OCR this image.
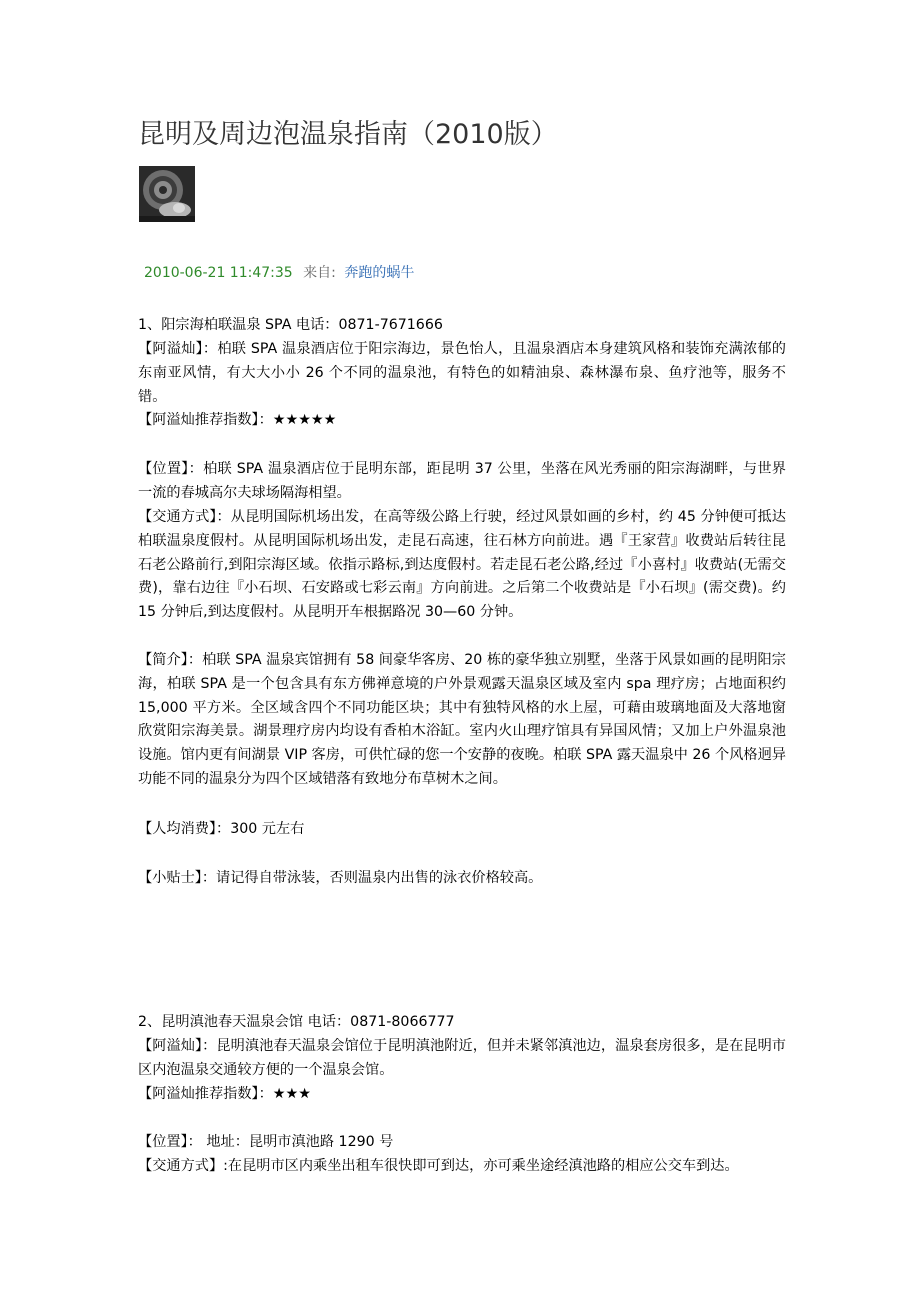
昆明及周边泡温泉指南（2010版）
2010-06-21 11:47:35 来自: 奔跑的蜗牛
1、阳宗海柏联温泉 SPA 电话：0871-7671666
【阿溢灿】：柏联 SPA 温泉酒店位于阳宗海边，景色怡人，且温泉酒店本身建筑风格和装饰充满浓郁的东南亚风情，有大大小小 26 个不同的温泉池，有特色的如精油泉、森林瀑布泉、鱼疗池等，服务不错。
【阿溢灿推荐指数】：★★★★★
【位置】：柏联 SPA 温泉酒店位于昆明东部，距昆明 37 公里，坐落在风光秀丽的阳宗海湖畔，与世界一流的春城高尔夫球场隔海相望。
【交通方式】：从昆明国际机场出发，在高等级公路上行驶，经过风景如画的乡村，约 45 分钟便可抵达柏联温泉度假村。从昆明国际机场出发，走昆石高速，往石林方向前进。遇『王家营』收费站后转往昆石老公路前行,到阳宗海区域。依指示路标,到达度假村。若走昆石老公路,经过『小喜村』收费站(无需交费)，靠右边往『小石坝、石安路或七彩云南』方向前进。之后第二个收费站是『小石坝』(需交费)。约 15 分钟后,到达度假村。从昆明开车根据路况 30—60 分钟。
【简介】：柏联 SPA 温泉宾馆拥有 58 间豪华客房、20 栋的豪华独立别墅，坐落于风景如画的昆明阳宗海，柏联 SPA 是一个包含具有东方佛禅意境的户外景观露天温泉区域及室内 spa 理疗房；占地面积约 15,000 平方米。全区域含四个不同功能区块；其中有独特风格的水上屋，可藉由玻璃地面及大落地窗欣赏阳宗海美景。湖景理疗房内均设有香柏木浴缸。室内火山理疗馆具有异国风情；又加上户外温泉池设施。馆内更有间湖景 VIP 客房，可供忙碌的您一个安静的夜晚。柏联 SPA 露天温泉中 26 个风格迥异功能不同的温泉分为四个区域错落有致地分布草树木之间。
【人均消费】：300 元左右
【小贴士】：请记得自带泳装，否则温泉内出售的泳衣价格较高。
2、昆明滇池春天温泉会馆 电话：0871-8066777
【阿溢灿】：昆明滇池春天温泉会馆位于昆明滇池附近，但并未紧邻滇池边，温泉套房很多，是在昆明市区内泡温泉交通较方便的一个温泉会馆。
【阿溢灿推荐指数】：★★★
【位置】： 地址：昆明市滇池路 1290 号
【交通方式】:在昆明市区内乘坐出租车很快即可到达，亦可乘坐途经滇池路的相应公交车到达。
